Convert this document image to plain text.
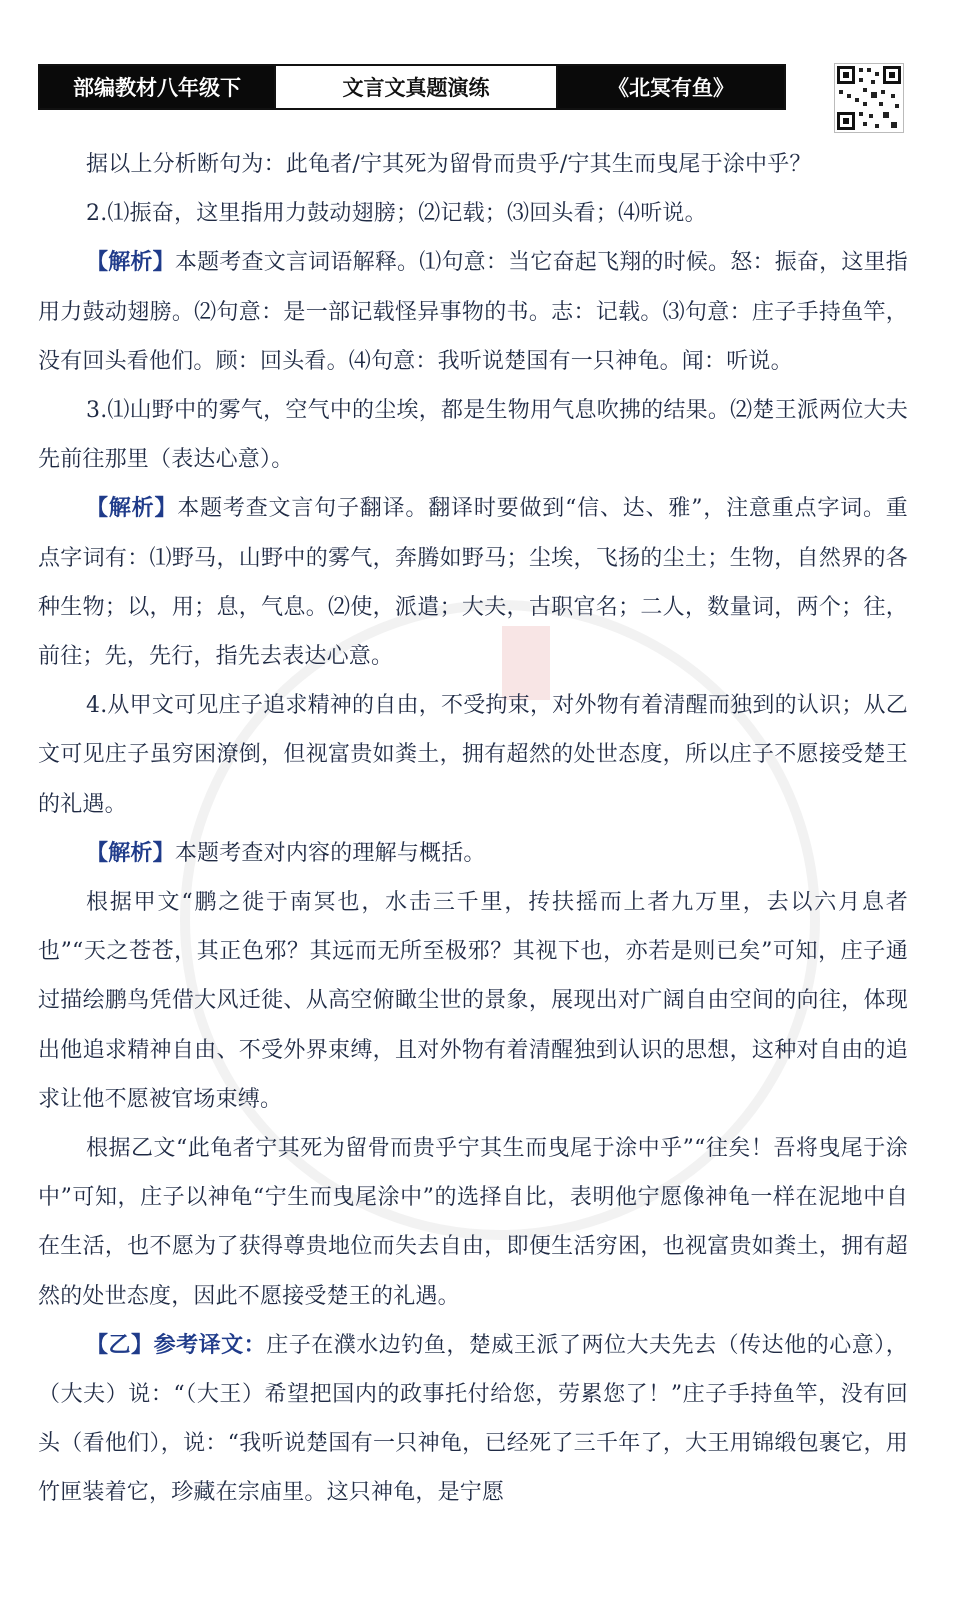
部编教材八年级下	文言文真题演练	《北冥有鱼》

据以上分析断句为：此龟者/宁其死为留骨而贵乎/宁其生而曳尾于涂中乎？

2.⑴振奋，这里指用力鼓动翅膀；⑵记载；⑶回头看；⑷听说。

【解析】本题考查文言词语解释。⑴句意：当它奋起飞翔的时候。怒：振奋，这里指用力鼓动翅膀。⑵句意：是一部记载怪异事物的书。志：记载。⑶句意：庄子手持鱼竿，没有回头看他们。顾：回头看。⑷句意：我听说楚国有一只神龟。闻：听说。

3.⑴山野中的雾气，空气中的尘埃，都是生物用气息吹拂的结果。⑵楚王派两位大夫先前往那里（表达心意）。

【解析】本题考查文言句子翻译。翻译时要做到“信、达、雅”，注意重点字词。重点字词有：⑴野马，山野中的雾气，奔腾如野马；尘埃，飞扬的尘土；生物，自然界的各种生物；以，用；息，气息。⑵使，派遣；大夫，古职官名；二人，数量词，两个；往，前往；先，先行，指先去表达心意。

4.从甲文可见庄子追求精神的自由，不受拘束，对外物有着清醒而独到的认识；从乙文可见庄子虽穷困潦倒，但视富贵如粪土，拥有超然的处世态度，所以庄子不愿接受楚王的礼遇。

【解析】本题考查对内容的理解与概括。

根据甲文“鹏之徙于南冥也，水击三千里，抟扶摇而上者九万里，去以六月息者也”“天之苍苍，其正色邪？其远而无所至极邪？其视下也，亦若是则已矣”可知，庄子通过描绘鹏鸟凭借大风迁徙、从高空俯瞰尘世的景象，展现出对广阔自由空间的向往，体现出他追求精神自由、不受外界束缚，且对外物有着清醒独到认识的思想，这种对自由的追求让他不愿被官场束缚。

根据乙文“此龟者宁其死为留骨而贵乎宁其生而曳尾于涂中乎”“往矣！吾将曳尾于涂中”可知，庄子以神龟“宁生而曳尾涂中”的选择自比，表明他宁愿像神龟一样在泥地中自在生活，也不愿为了获得尊贵地位而失去自由，即便生活穷困，也视富贵如粪土，拥有超然的处世态度，因此不愿接受楚王的礼遇。

【乙】参考译文：庄子在濮水边钓鱼，楚威王派了两位大夫先去（传达他的心意），（大夫）说：“（大王）希望把国内的政事托付给您，劳累您了！”庄子手持鱼竿，没有回头（看他们），说：“我听说楚国有一只神龟，已经死了三千年了，大王用锦缎包裹它，用竹匣装着它，珍藏在宗庙里。这只神龟，是宁愿
